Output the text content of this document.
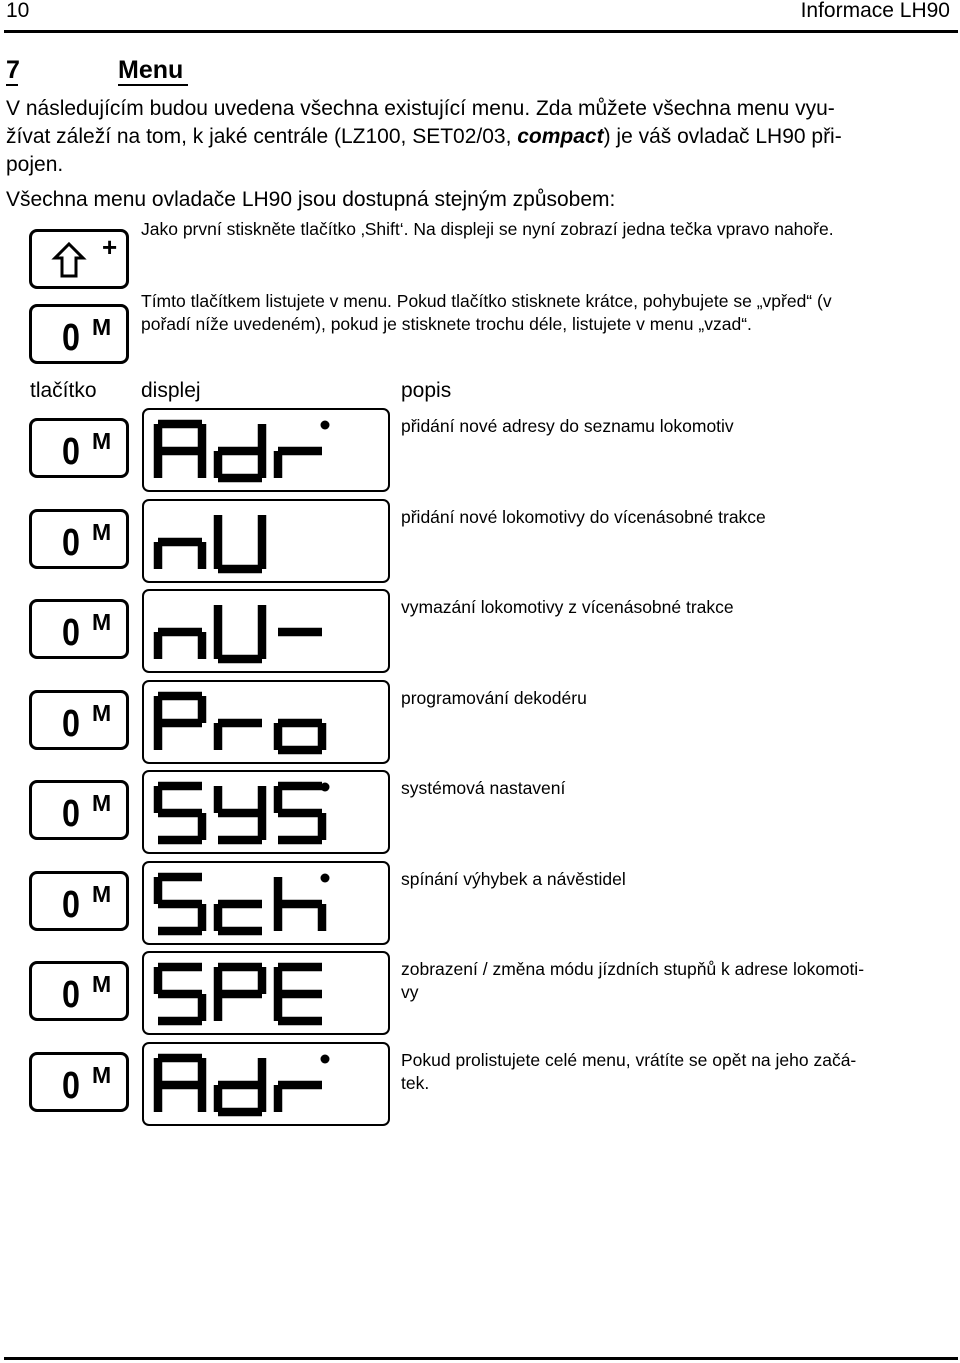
10	Informace LH90
7	Menu
V následujícím budou uvedena všechna existující menu. Zda můžete všechna menu vyu-
žívat záleží na tom, k jaké centrále (LZ100, SET02/03, compact) je váš ovladač LH90 při-
pojen.
Všechna menu ovladače LH90 jsou dostupná stejným způsobem:
+
Jako první stiskněte tlačítko ‚Shift‘. Na displeji se nyní zobrazí jedna tečka vpravo nahoře.
0 M
Tímto tlačítkem listujete v menu. Pokud tlačítko stisknete krátce, pohybujete se „vpřed“ (v
pořadí níže uvedeném), pokud je stisknete trochu déle, listujete v menu „vzad“.
tlačítko displej	popis
0 M
přidání nové adresy do seznamu lokomotiv
0 M
přidání nové lokomotivy do vícenásobné trakce
0 M
vymazání lokomotivy z vícenásobné trakce
0 M
programování dekodéru
0 M
systémová nastavení
0 M
spínání výhybek a návěstidel
0 M
zobrazení / změna módu jízdních stupňů k adrese lokomoti-
vy
0 M
Pokud prolistujete celé menu, vrátíte se opět na jeho začá-
tek.
